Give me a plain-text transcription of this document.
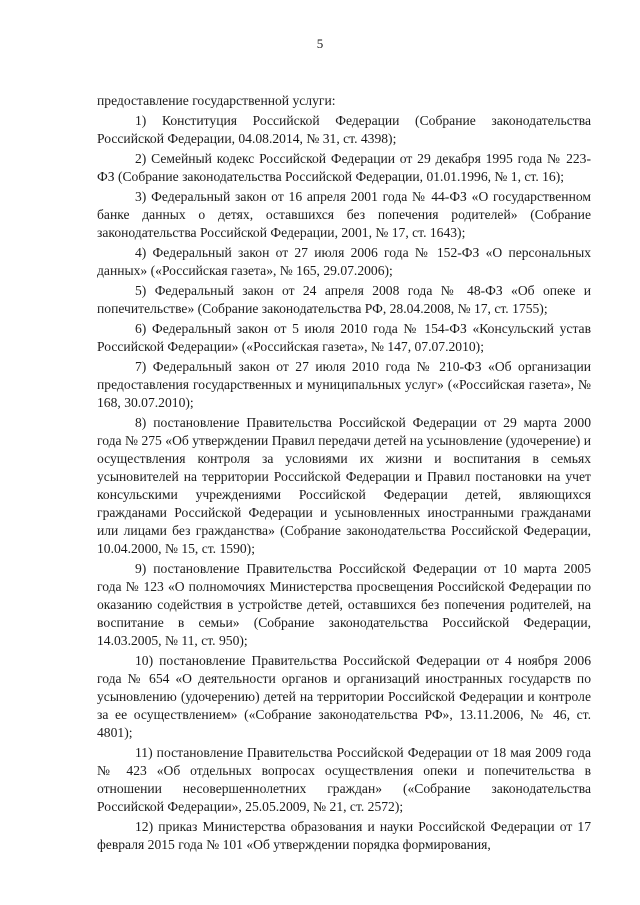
5

предоставление государственной услуги:

1) Конституция Российской Федерации (Собрание законодательства Российской Федерации, 04.08.2014, № 31, ст. 4398);

2) Семейный кодекс Российской Федерации от 29 декабря 1995 года № 223-ФЗ (Собрание законодательства Российской Федерации, 01.01.1996, № 1, ст. 16);

3) Федеральный закон от 16 апреля 2001 года № 44-ФЗ «О государственном банке данных о детях, оставшихся без попечения родителей» (Собрание законодательства Российской Федерации, 2001, № 17, ст. 1643);

4) Федеральный закон от 27 июля 2006 года № 152-ФЗ «О персональных данных» («Российская газета», № 165, 29.07.2006);

5) Федеральный закон от 24 апреля 2008 года № 48-ФЗ «Об опеке и попечительстве» (Собрание законодательства РФ, 28.04.2008, № 17, ст. 1755);

6) Федеральный закон от 5 июля 2010 года № 154-ФЗ «Консульский устав Российской Федерации» («Российская газета», № 147, 07.07.2010);

7) Федеральный закон от 27 июля 2010 года № 210-ФЗ «Об организации предоставления государственных и муниципальных услуг» («Российская газета», № 168, 30.07.2010);

8) постановление Правительства Российской Федерации от 29 марта 2000 года № 275 «Об утверждении Правил передачи детей на усыновление (удочерение) и осуществления контроля за условиями их жизни и воспитания в семьях усыновителей на территории Российской Федерации и Правил постановки на учет консульскими учреждениями Российской Федерации детей, являющихся гражданами Российской Федерации и усыновленных иностранными гражданами или лицами без гражданства» (Собрание законодательства Российской Федерации, 10.04.2000, № 15, ст. 1590);

9) постановление Правительства Российской Федерации от 10 марта 2005 года № 123 «О полномочиях Министерства просвещения Российской Федерации по оказанию содействия в устройстве детей, оставшихся без попечения родителей, на воспитание в семьи» (Собрание законодательства Российской Федерации, 14.03.2005, № 11, ст. 950);

10) постановление Правительства Российской Федерации от 4 ноября 2006 года № 654 «О деятельности органов и организаций иностранных государств по усыновлению (удочерению) детей на территории Российской Федерации и контроле за ее осуществлением» («Собрание законодательства РФ», 13.11.2006, № 46, ст. 4801);

11) постановление Правительства Российской Федерации от 18 мая 2009 года № 423 «Об отдельных вопросах осуществления опеки и попечительства в отношении несовершеннолетних граждан» («Собрание законодательства Российской Федерации», 25.05.2009, № 21, ст. 2572);

12) приказ Министерства образования и науки Российской Федерации от 17 февраля 2015 года № 101 «Об утверждении порядка формирования,
